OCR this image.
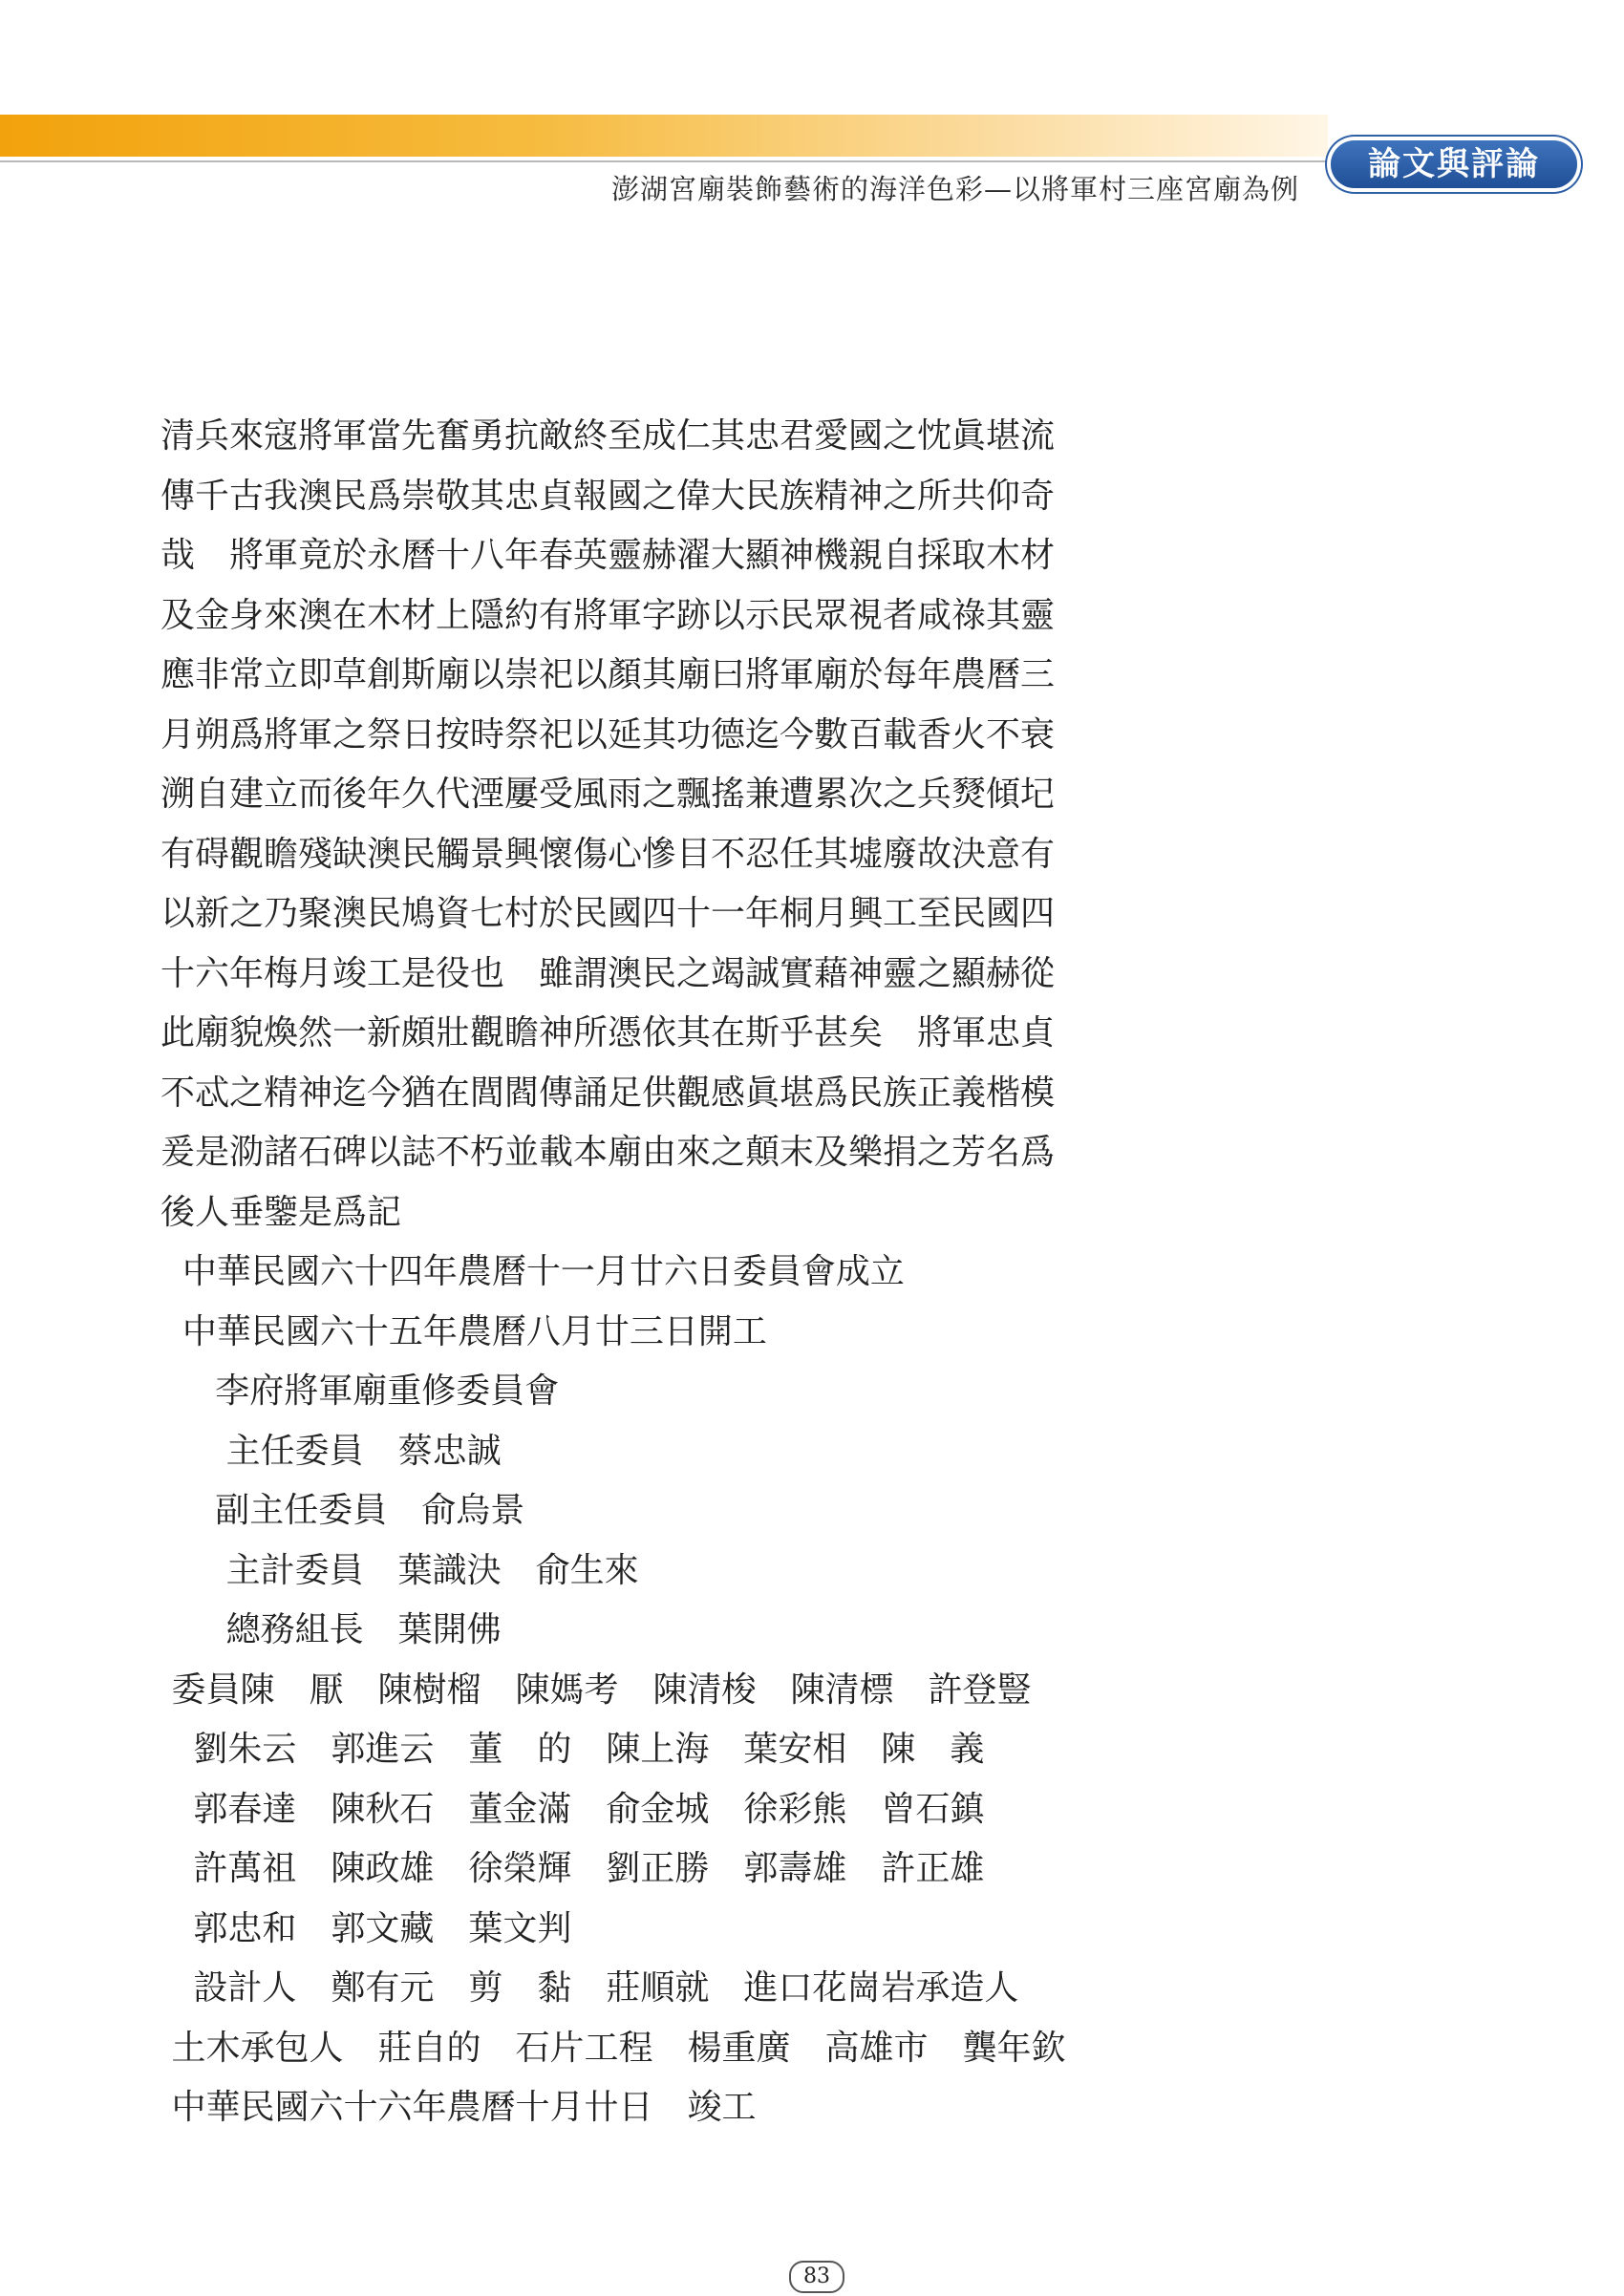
澎湖宮廟裝飾藝術的海洋色彩—以將軍村三座宮廟為例
論文與評論
清兵來寇將軍當先奮勇抗敵終至成仁其忠君愛國之忱眞堪流
傳千古我澳民爲崇敬其忠貞報國之偉大民族精神之所共仰奇
哉　將軍竟於永曆十八年春英靈赫濯大顯神機親自採取木材
及金身來澳在木材上隱約有將軍字跡以示民眾視者咸祿其靈
應非常立即草創斯廟以崇祀以顏其廟曰將軍廟於每年農曆三
月朔爲將軍之祭日按時祭祀以延其功德迄今數百載香火不衰
溯自建立而後年久代湮屢受風雨之飄搖兼遭累次之兵燹傾圮
有碍觀瞻殘缺澳民觸景興懷傷心慘目不忍任其墟廢故決意有
以新之乃聚澳民鳩資七村於民國四十一年桐月興工至民國四
十六年梅月竣工是役也　雖謂澳民之竭誠實藉神靈之顯赫從
此廟貌煥然一新頗壯觀瞻神所憑依其在斯乎甚矣　將軍忠貞
不忒之精神迄今猶在閭閻傳誦足供觀感眞堪爲民族正義楷模
爰是泐諸石碑以誌不朽並載本廟由來之顛末及樂捐之芳名爲
後人垂鑒是爲記
中華民國六十四年農曆十一月廿六日委員會成立
中華民國六十五年農曆八月廿三日開工
李府將軍廟重修委員會
主任委員　蔡忠誠
副主任委員　俞烏景
主計委員　葉識決　俞生來
總務組長　葉開佛
委員陳　厭　陳樹榴　陳媽考　陳清梭　陳清標　許登豎
劉朱云　郭進云　董　的　陳上海　葉安相　陳　義
郭春達　陳秋石　董金滿　俞金城　徐彩熊　曾石鎮
許萬祖　陳政雄　徐榮輝　劉正勝　郭壽雄　許正雄
郭忠和　郭文藏　葉文判
設計人　鄭有元　剪　黏　莊順就　進口花崗岩承造人
土木承包人　莊自的　石片工程　楊重廣　高雄市　龔年欽
中華民國六十六年農曆十月卄日　竣工
83
